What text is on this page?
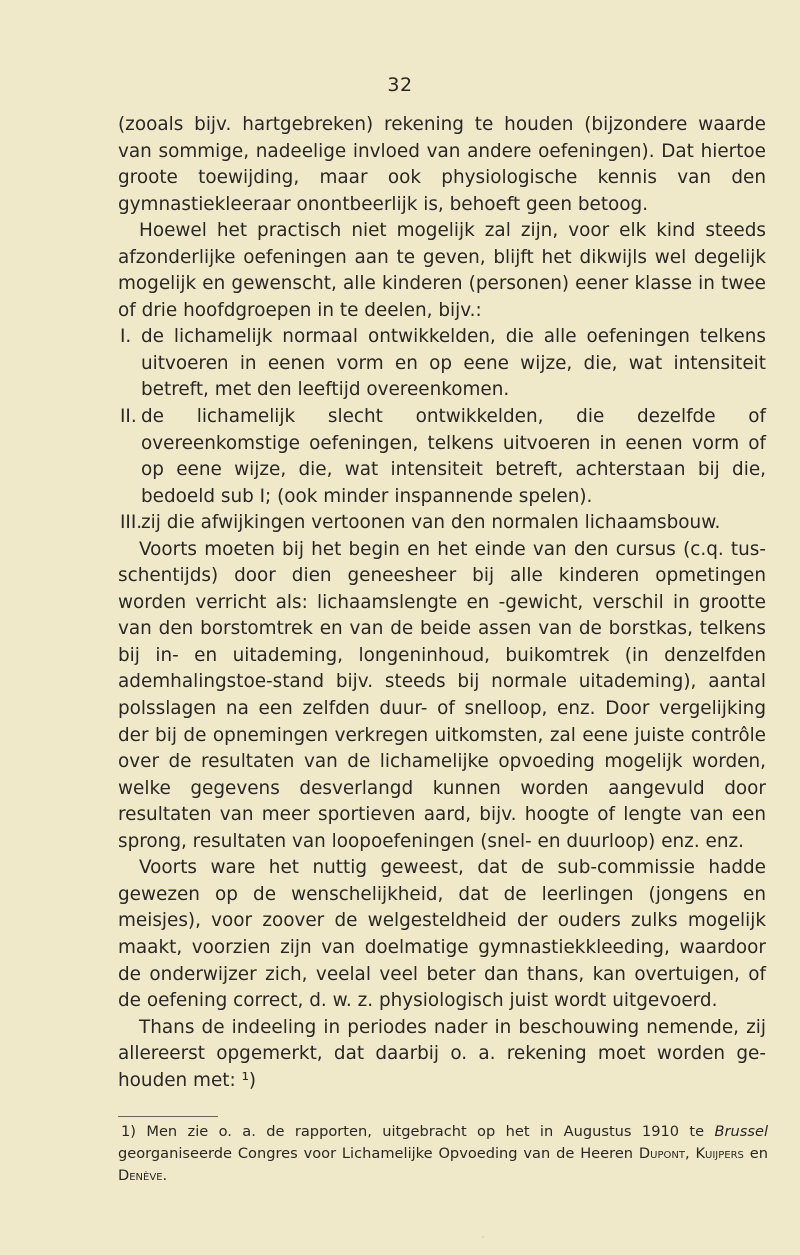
32

(zooals bijv. hartgebreken) rekening te houden (bijzondere waarde van sommige, nadeelige invloed van andere oefeningen). Dat hiertoe groote toewijding, maar ook physiologische kennis van den gymnastiekleeraar onontbeerlijk is, behoeft geen betoog.

Hoewel het practisch niet mogelijk zal zijn, voor elk kind steeds afzonderlijke oefeningen aan te geven, blijft het dikwijls wel degelijk mogelijk en gewenscht, alle kinderen (personen) eener klasse in twee of drie hoofdgroepen in te deelen, bijv.:

I. de lichamelijk normaal ontwikkelden, die alle oefeningen telkens uitvoeren in eenen vorm en op eene wijze, die, wat intensiteit betreft, met den leeftijd overeenkomen.
II. de lichamelijk slecht ontwikkelden, die dezelfde of overeenkomstige oefeningen, telkens uitvoeren in eenen vorm of op eene wijze, die, wat intensiteit betreft, achterstaan bij die, bedoeld sub I; (ook minder inspannende spelen).
III.
zij die afwijkingen vertoonen van den normalen lichaamsbouw.

Voorts moeten bij het begin en het einde van den cursus (c.q. tus-schentijds) door dien geneesheer bij alle kinderen opmetingen worden verricht als: lichaamslengte en -gewicht, verschil in grootte van den borstomtrek en van de beide assen van de borstkas, telkens bij in- en uitademing, longeninhoud, buikomtrek (in denzelfden ademhalingstoe-stand bijv. steeds bij normale uitademing), aantal polsslagen na een zelfden duur- of snelloop, enz. Door vergelijking der bij de opnemingen verkregen uitkomsten, zal eene juiste contrôle over de resultaten van de lichamelijke opvoeding mogelijk worden, welke gegevens desverlangd kunnen worden aangevuld door resultaten van meer sportieven aard, bijv. hoogte of lengte van een sprong, resultaten van loopoefeningen (snel- en duurloop) enz. enz.

Voorts ware het nuttig geweest, dat de sub-commissie hadde gewezen op de wenschelijkheid, dat de leerlingen (jongens en meisjes), voor zoover de welgesteldheid der ouders zulks mogelijk maakt, voorzien zijn van doelmatige gymnastiekkleeding, waardoor de onderwijzer zich, veelal veel beter dan thans, kan overtuigen, of de oefening correct, d. w. z. physiologisch juist wordt uitgevoerd.

Thans de indeeling in periodes nader in beschouwing nemende, zij allereerst opgemerkt, dat daarbij o. a. rekening moet worden ge-houden met: ¹)

1) Men zie o. a. de rapporten, uitgebracht op het in Augustus 1910 te Brussel georganiseerde Congres voor Lichamelijke Opvoeding van de Heeren Dupont, Kuijpers en Denève.
ˊ
